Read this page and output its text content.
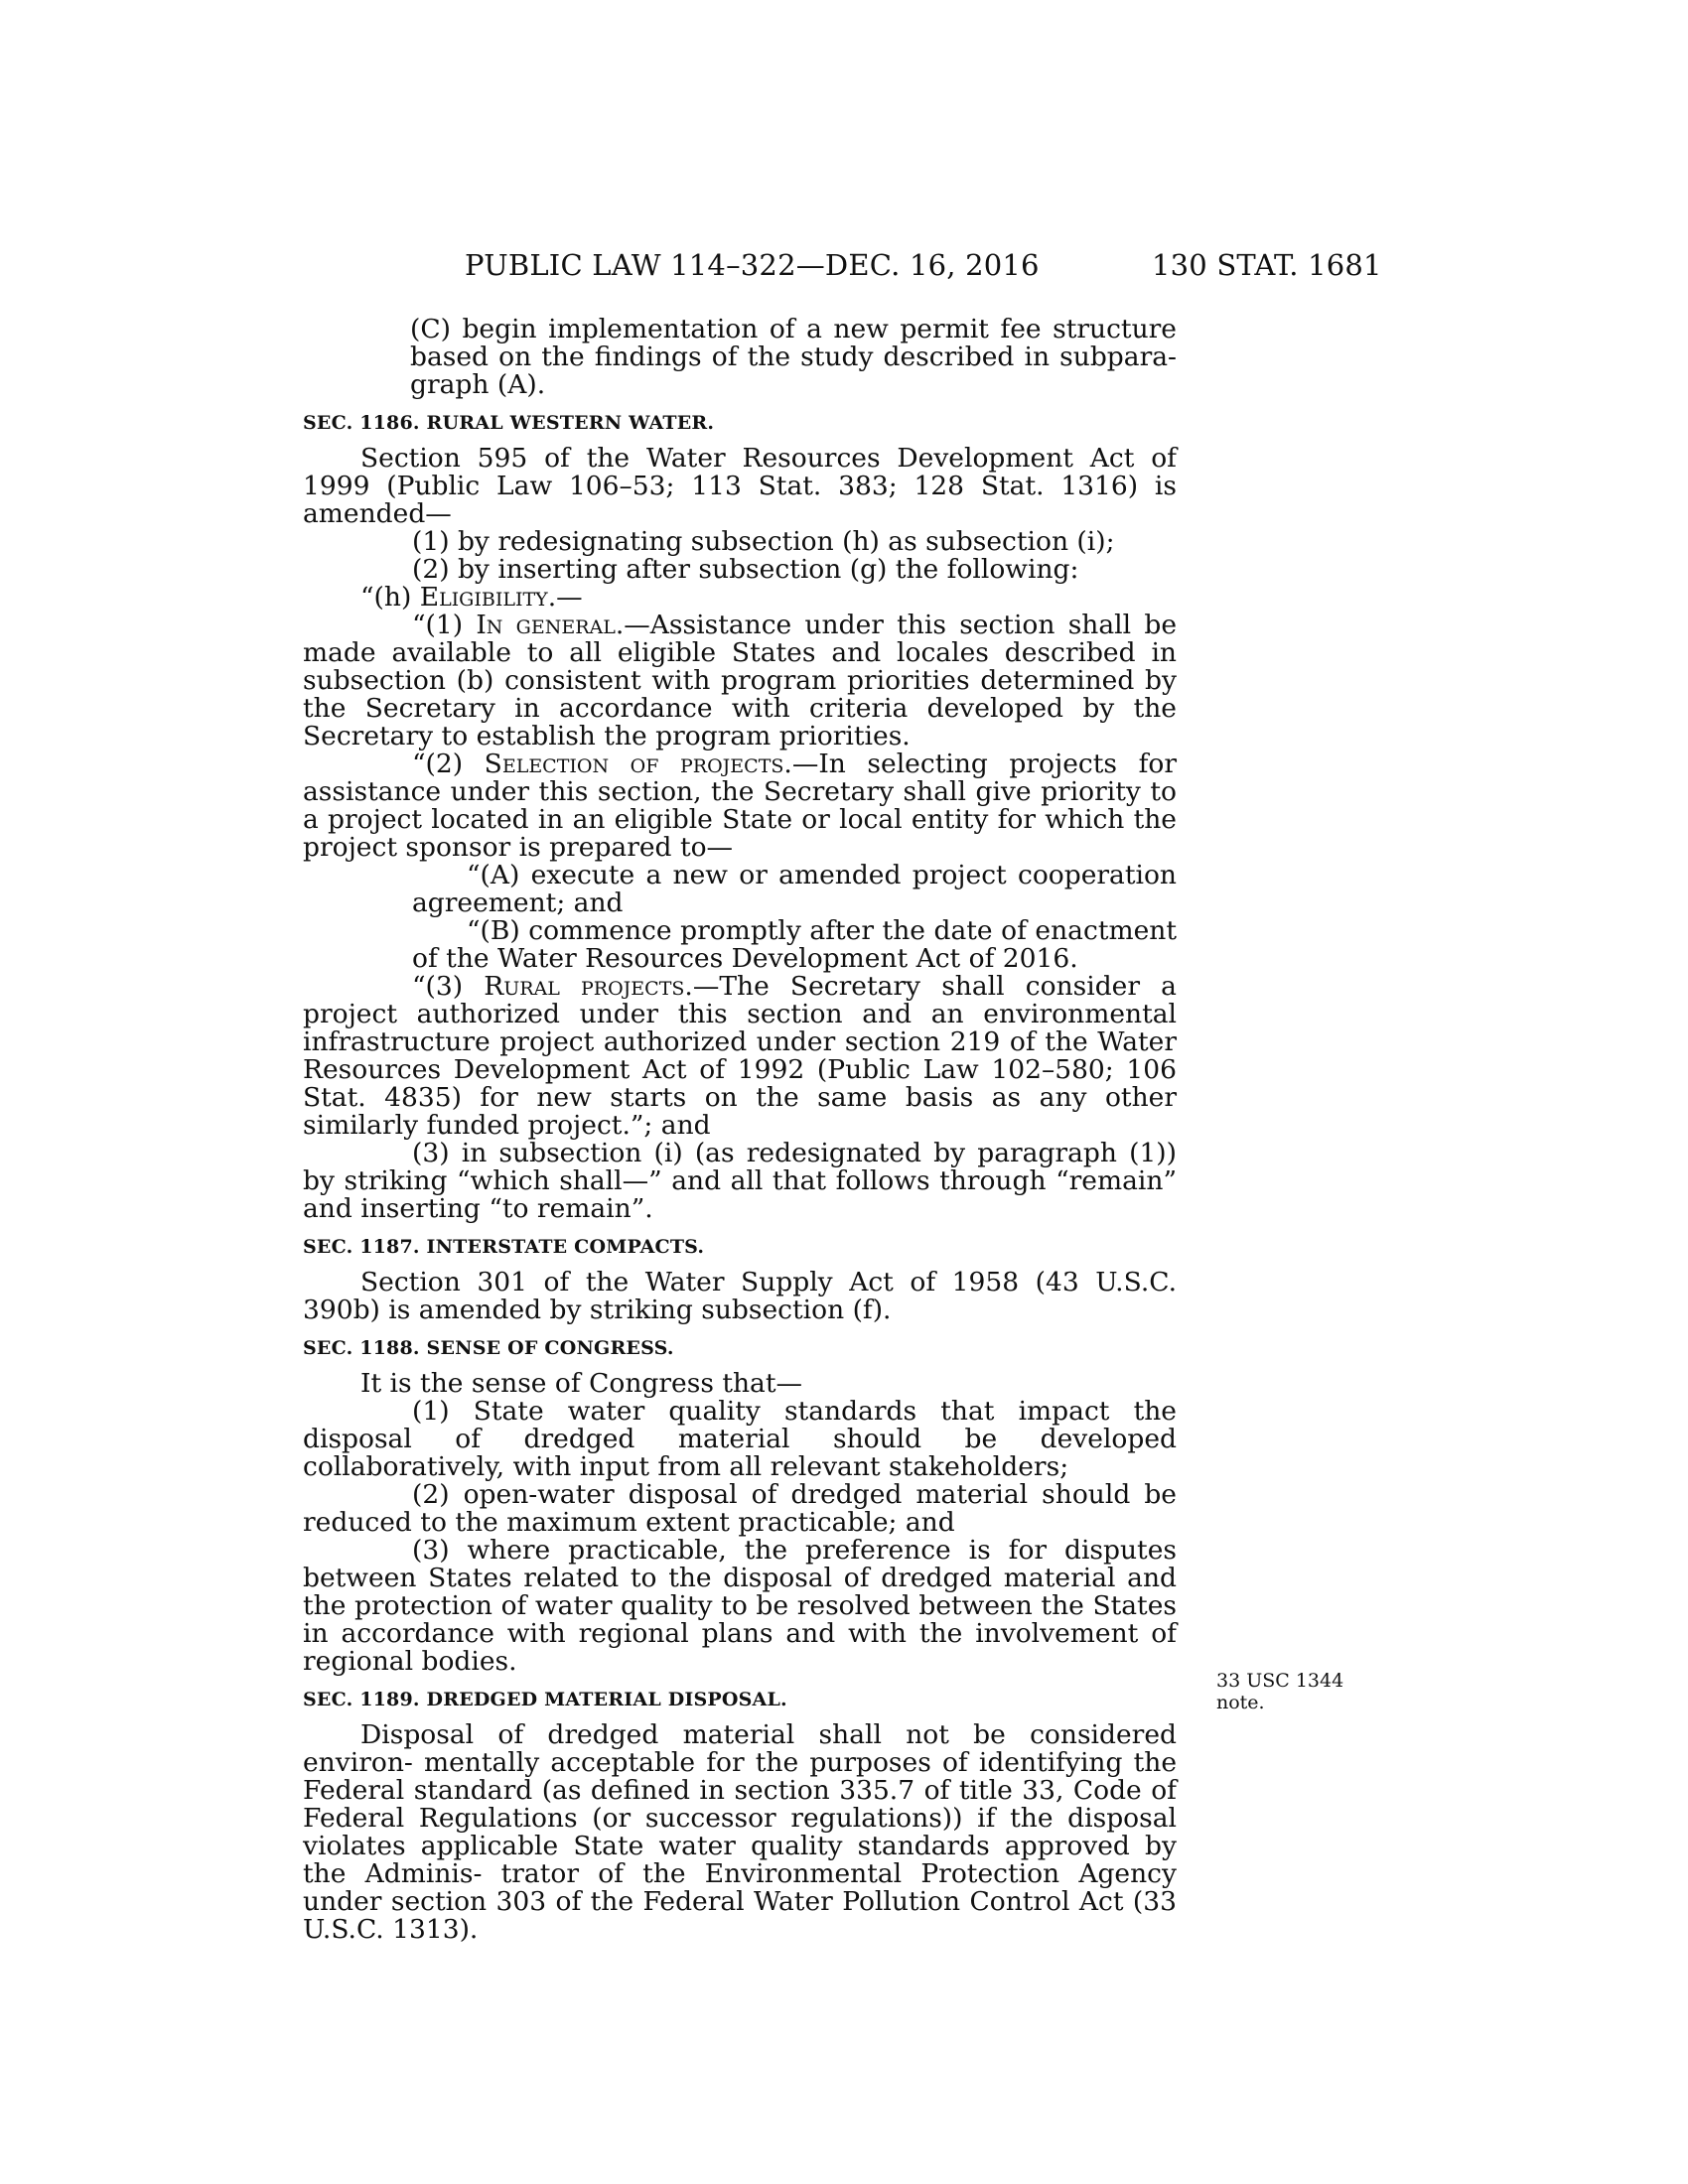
PUBLIC LAW 114–322—DEC. 16, 2016	130 STAT. 1681

(C) begin implementation of a new permit fee structure based on the findings of the study described in subpara- graph (A).

SEC. 1186. RURAL WESTERN WATER.

Section 595 of the Water Resources Development Act of 1999 (Public Law 106–53; 113 Stat. 383; 128 Stat. 1316) is amended—

(1) by redesignating subsection (h) as subsection (i);

(2) by inserting after subsection (g) the following:

“(h) Eligibility.—

“(1) In general.—Assistance under this section shall be made available to all eligible States and locales described in subsection (b) consistent with program priorities determined by the Secretary in accordance with criteria developed by the Secretary to establish the program priorities.

“(2) Selection of projects.—In selecting projects for assistance under this section, the Secretary shall give priority to a project located in an eligible State or local entity for which the project sponsor is prepared to—

“(A) execute a new or amended project cooperation agreement; and

“(B) commence promptly after the date of enactment of the Water Resources Development Act of 2016.

“(3) Rural projects.—The Secretary shall consider a project authorized under this section and an environmental infrastructure project authorized under section 219 of the Water Resources Development Act of 1992 (Public Law 102–580; 106 Stat. 4835) for new starts on the same basis as any other similarly funded project.”; and

(3) in subsection (i) (as redesignated by paragraph (1)) by striking “which shall—” and all that follows through “remain” and inserting “to remain”.

SEC. 1187. INTERSTATE COMPACTS.

Section 301 of the Water Supply Act of 1958 (43 U.S.C. 390b) is amended by striking subsection (f).

SEC. 1188. SENSE OF CONGRESS.

It is the sense of Congress that—

(1) State water quality standards that impact the disposal of dredged material should be developed collaboratively, with input from all relevant stakeholders;

(2) open-water disposal of dredged material should be reduced to the maximum extent practicable; and

(3) where practicable, the preference is for disputes between States related to the disposal of dredged material and the protection of water quality to be resolved between the States in accordance with regional plans and with the involvement of regional bodies.

SEC. 1189. DREDGED MATERIAL DISPOSAL.

Disposal of dredged material shall not be considered environ- mentally acceptable for the purposes of identifying the Federal standard (as defined in section 335.7 of title 33, Code of Federal Regulations (or successor regulations)) if the disposal violates applicable State water quality standards approved by the Adminis- trator of the Environmental Protection Agency under section 303 of the Federal Water Pollution Control Act (33 U.S.C. 1313).

33 USC 1344
note.
